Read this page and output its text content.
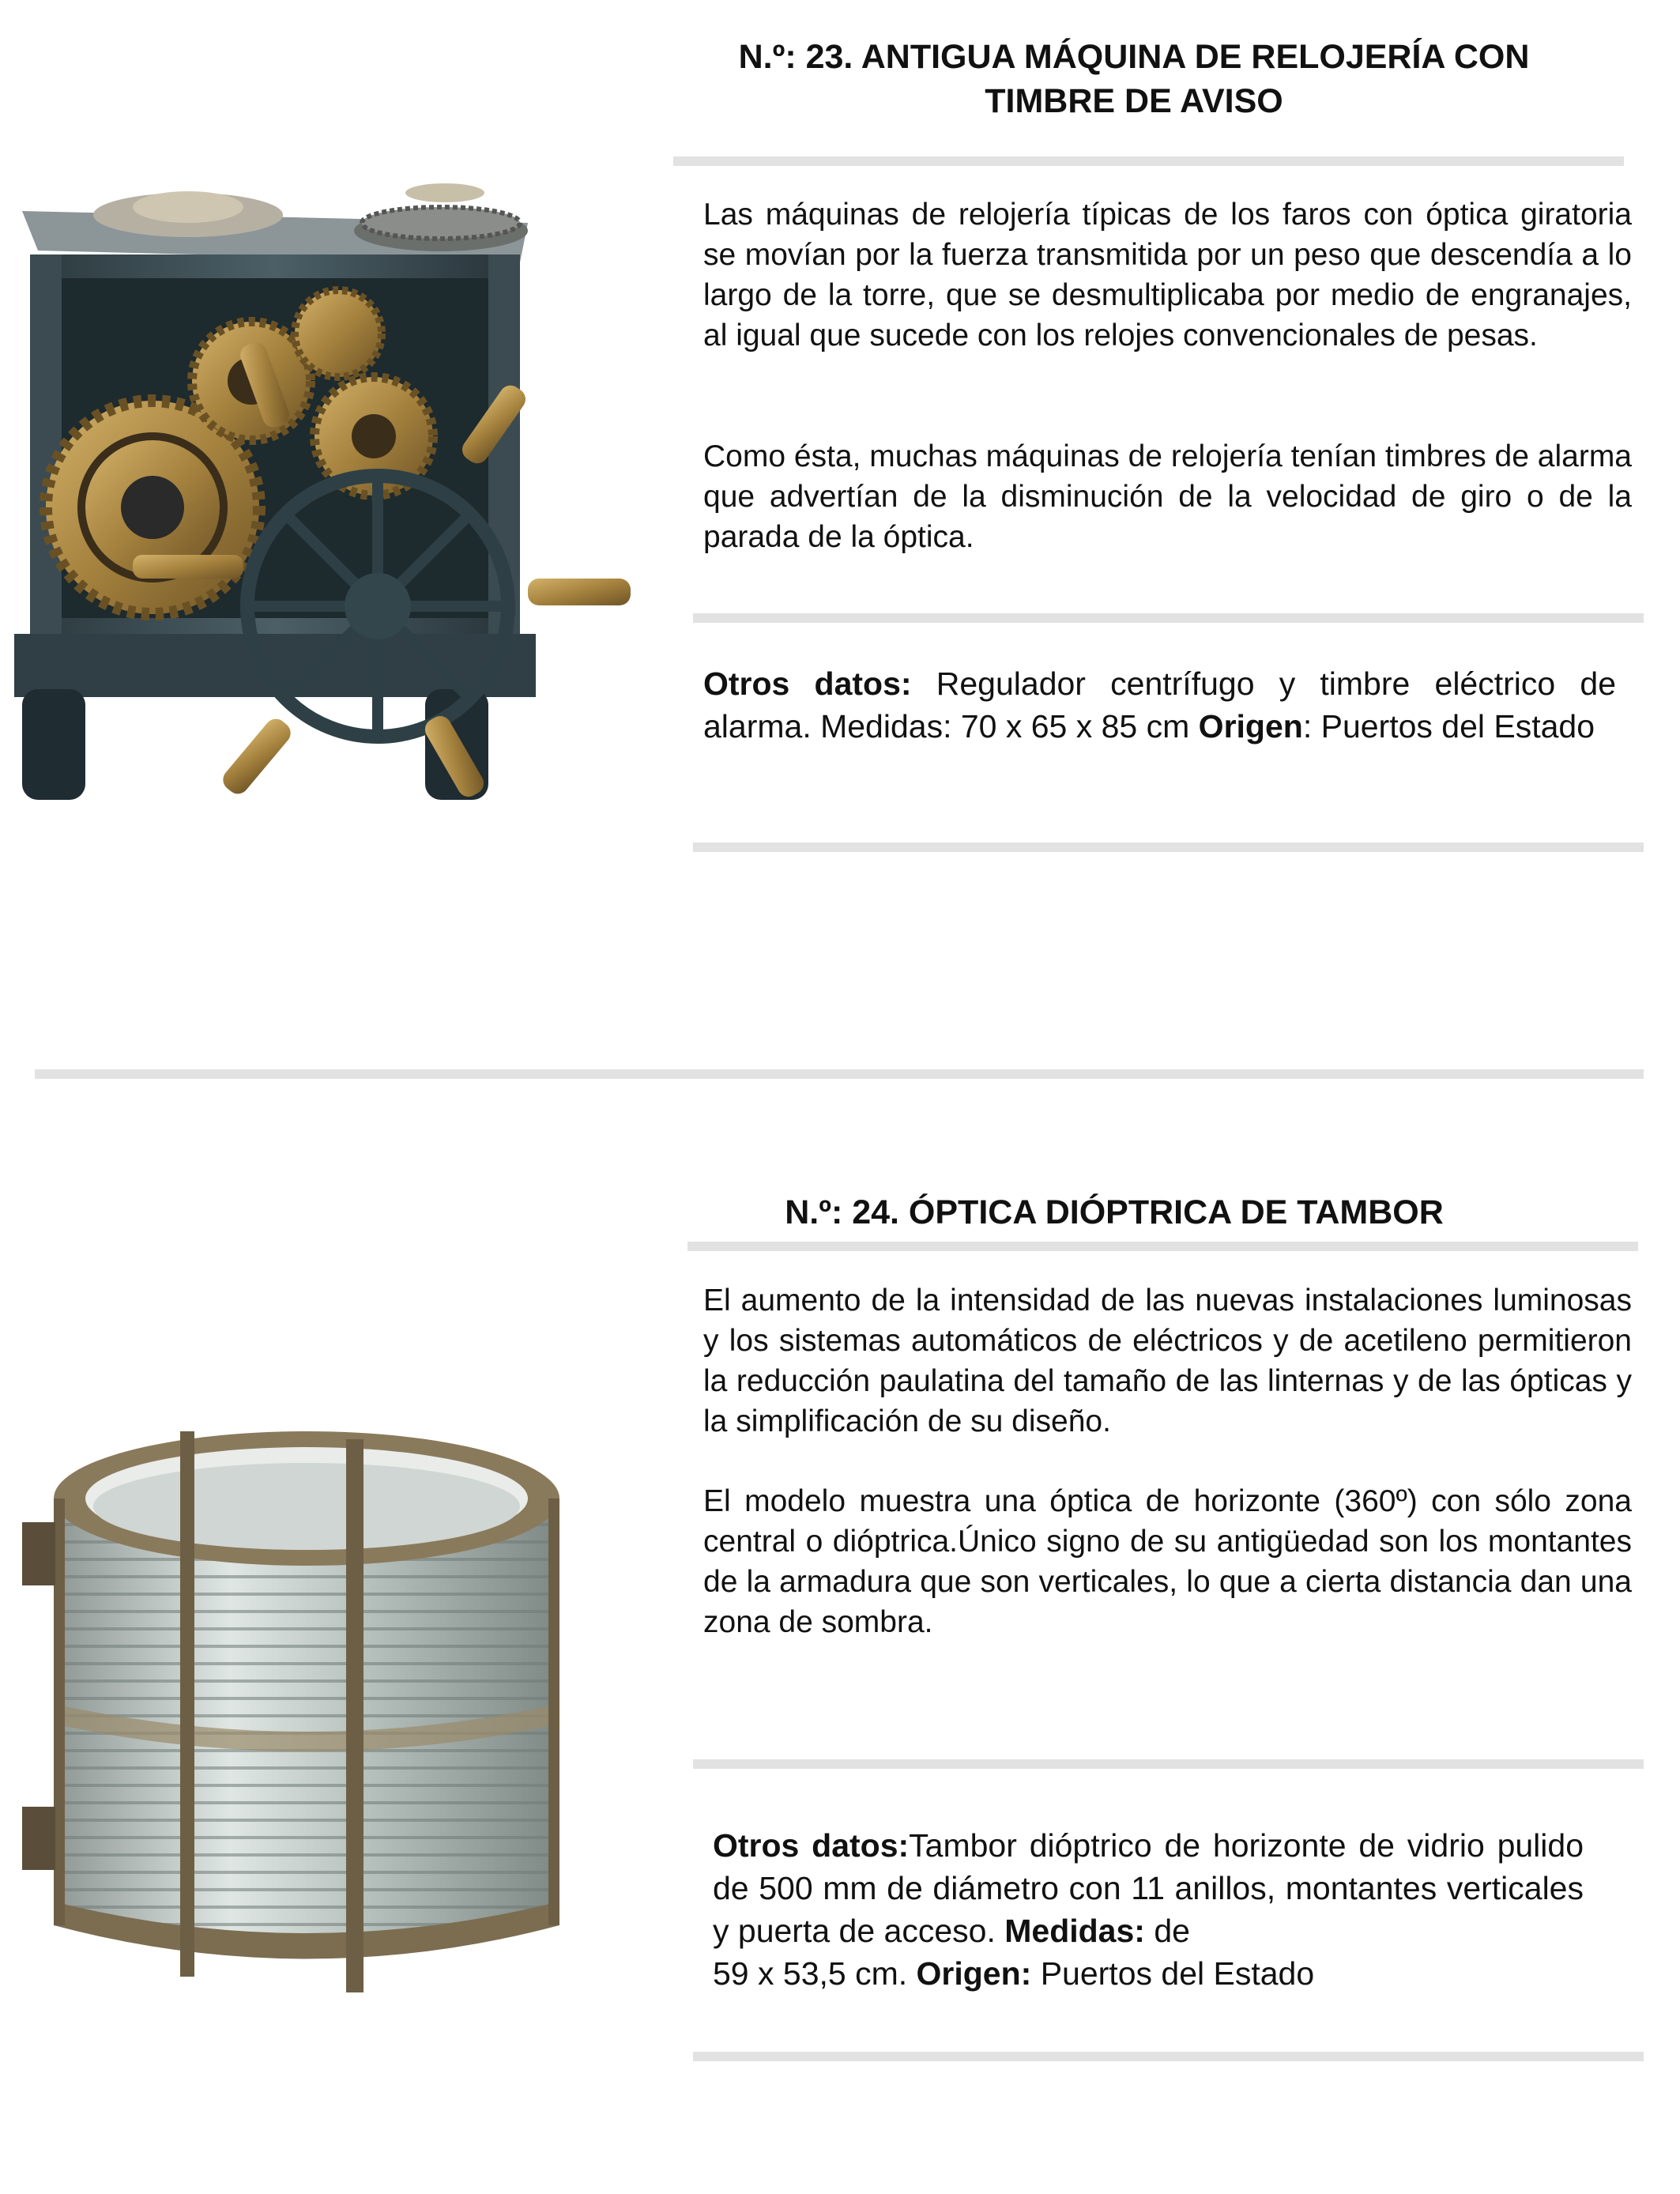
N.º: 23. ANTIGUA MÁQUINA DE RELOJERÍA CON
TIMBRE DE AVISO

Las máquinas de relojería típicas de los faros con óptica giratoria se movían por la fuerza transmitida por un peso que descendía a lo largo de la torre, que se desmultiplicaba por medio de engranajes, al igual que sucede con los relojes convencionales de pesas.

Como ésta, muchas máquinas de relojería tenían timbres de alarma que advertían de la disminución de la velocidad de giro o de la parada de la óptica.

Otros datos: Regulador centrífugo y timbre eléctrico de alarma. Medidas: 70 x 65 x 85 cm Origen: Puertos del Estado

N.º: 24. ÓPTICA DIÓPTRICA DE TAMBOR

El aumento de la intensidad de las nuevas instalaciones luminosas y los sistemas automáticos de eléctricos y de acetileno permitieron la reducción paulatina del tamaño de las linternas y de las ópticas y la simplificación de su diseño.

El modelo muestra una óptica de horizonte (360º) con sólo zona central o dióptrica.Único signo de su antigüedad son los montantes de la armadura que son verticales, lo que a cierta distancia dan una zona de sombra.

Otros datos:Tambor dióptrico de horizonte de vidrio pulido de 500 mm de diámetro con 11 anillos, montantes verticales y puerta de acceso. Medidas: de
59 x 53,5 cm. Origen: Puertos del Estado
